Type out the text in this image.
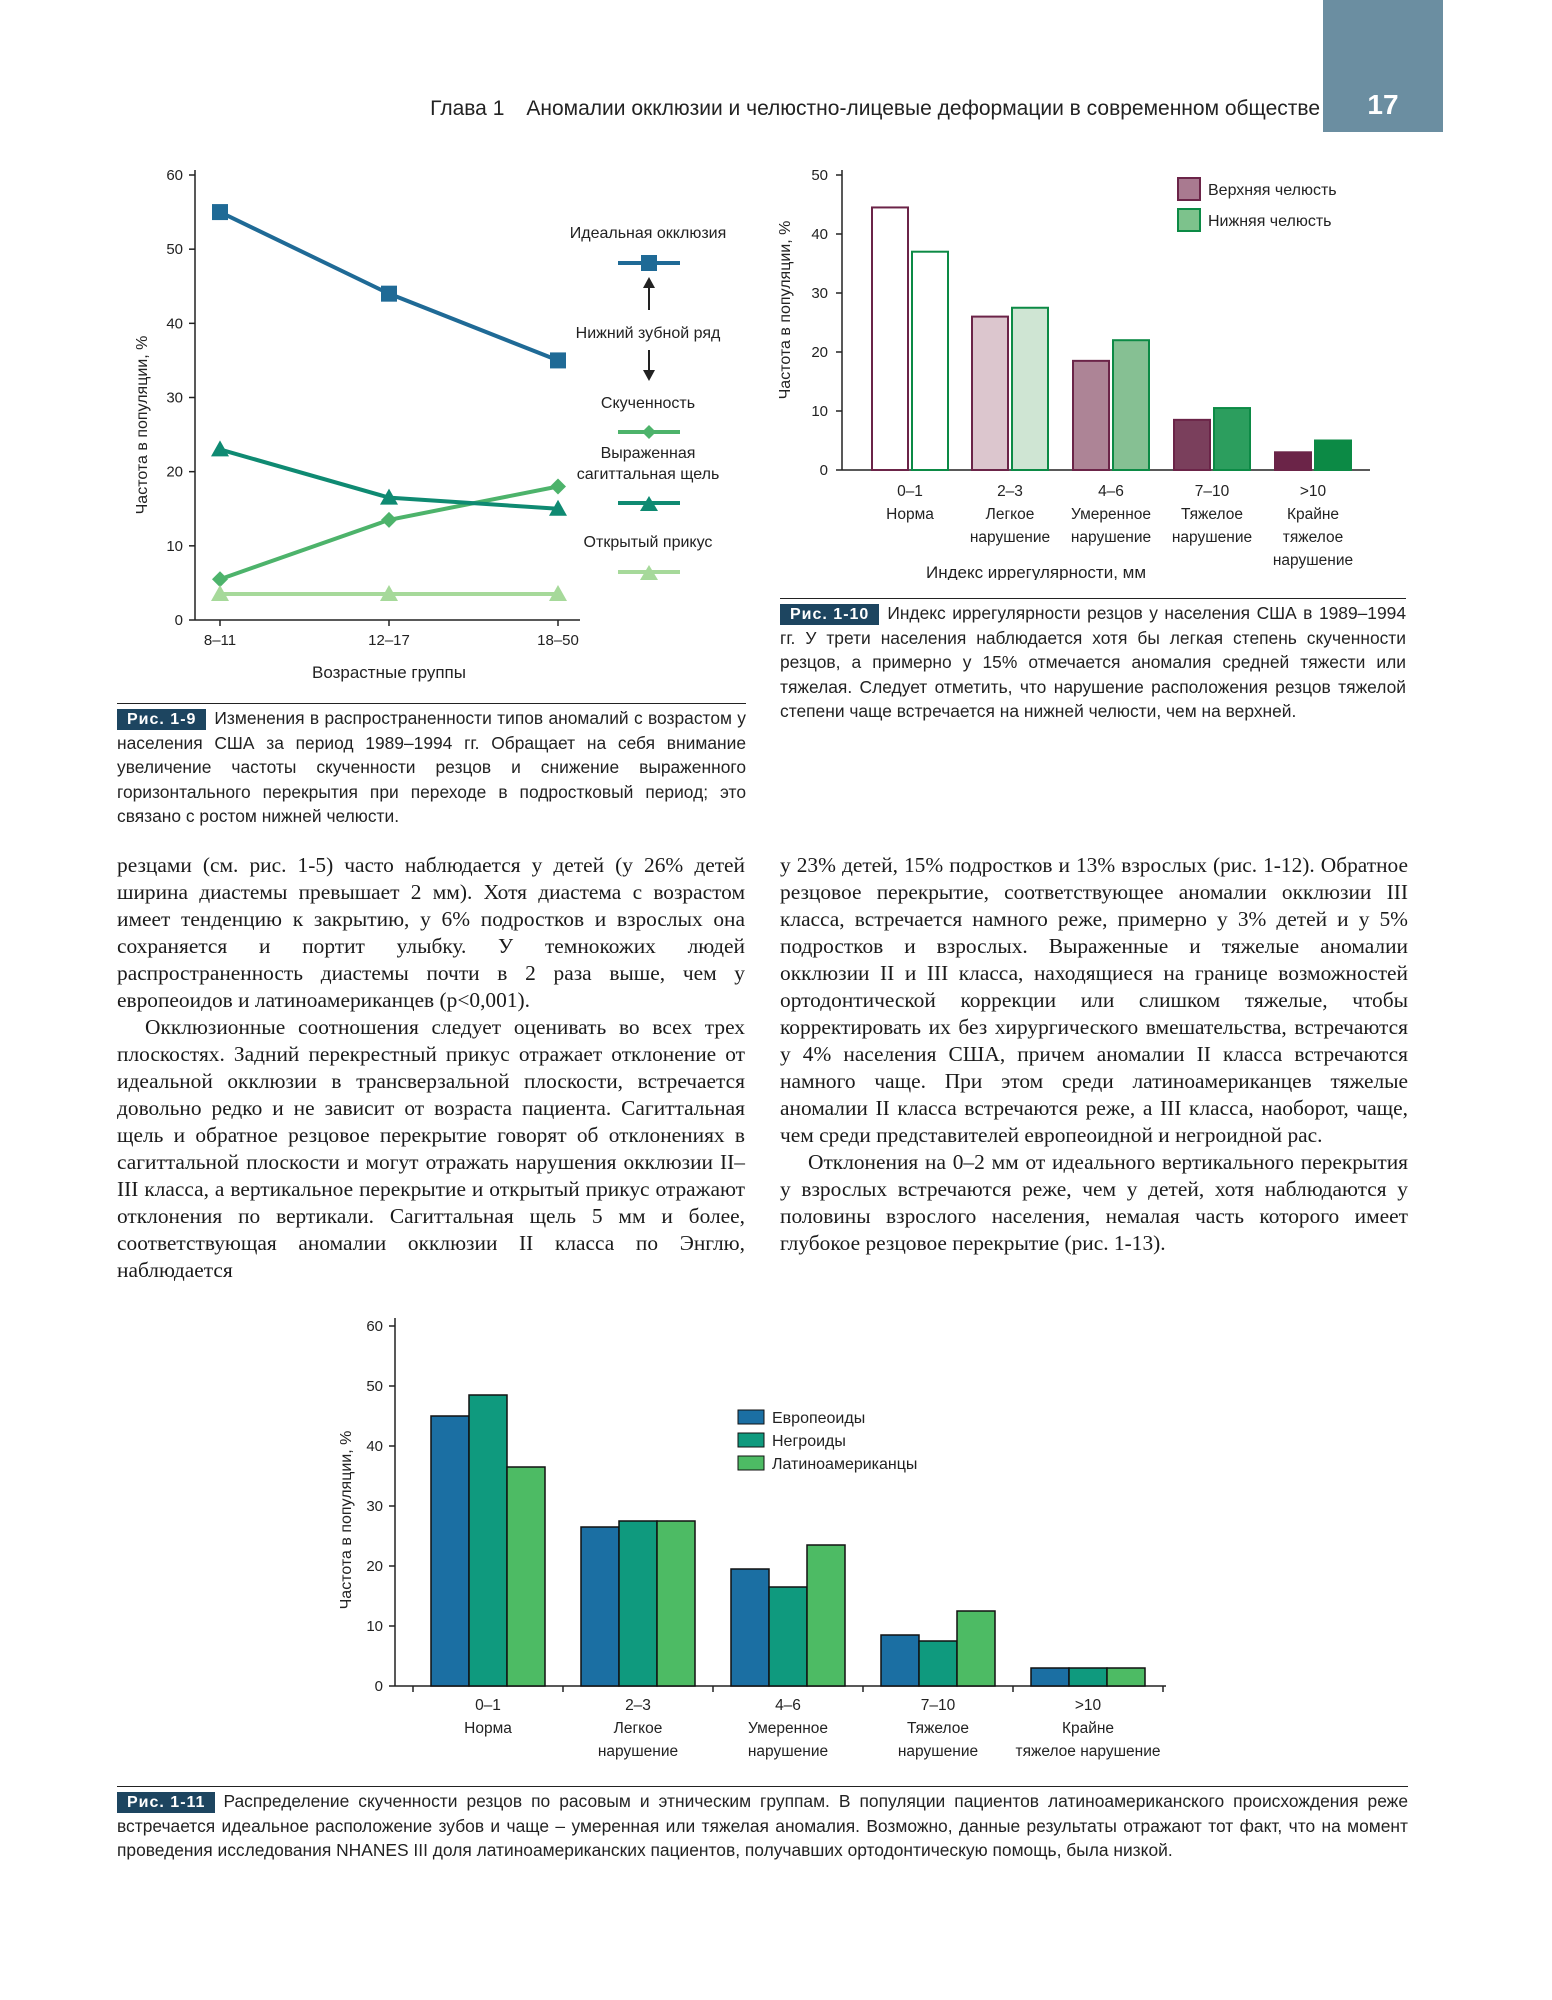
17
Глава 1 Аномалии окклюзии и челюстно-лицевые деформации в современном обществе
Частота в популяции, %
Возрастные группы
0
10
20
30
40
50
60
8–11	12–17	18–50
Идеальная окклюзия
Нижний зубной ряд
Скученность
Выраженная
сагиттальная щель
Открытый прикус
Рис. 1-9 Изменения в распространенности типов аномалий с возрастом у населения США за период 1989–1994 гг. Обращает на себя внимание увеличение частоты скученности резцов и снижение выраженного горизонтального перекрытия при переходе в подростковый период; это связано с ростом нижней челюсти.
Частота в популяции, %
Индекс иррегулярности, мм
0
10
20
30
40
50
0–1
Норма
2–3
Легкое
нарушение
4–6
Умеренное
нарушение
7–10
Тяжелое
нарушение
>10
Крайне
тяжелое
нарушение
Верхняя челюсть
Нижняя челюсть
Рис. 1-10 Индекс иррегулярности резцов у населения США в 1989–1994 гг. У трети населения наблюдается хотя бы легкая степень скученности резцов, а примерно у 15% отмечается аномалия средней тяжести или тяжелая. Следует отметить, что нарушение расположения резцов тяжелой степени чаще встречается на нижней челюсти, чем на верхней.

резцами (см. рис. 1-5) часто наблюдается у детей (у 26% детей ширина диастемы превышает 2 мм). Хотя диастема с возрастом имеет тенденцию к закрытию, у 6% подростков и взрослых она сохраняется и портит улыбку. У темнокожих людей распространенность диастемы почти в 2 раза выше, чем у европеоидов и латиноамериканцев (p<0,001).

Окклюзионные соотношения следует оценивать во всех трех плоскостях. Задний перекрестный прикус отражает отклонение от идеальной окклюзии в трансверзальной плоскости, встречается довольно редко и не зависит от возраста пациента. Сагиттальная щель и обратное резцовое перекрытие говорят об отклонениях в сагиттальной плоскости и могут отражать нарушения окклюзии II–III класса, а вертикальное перекрытие и открытый прикус отражают отклонения по вертикали. Сагиттальная щель 5 мм и более, соответствующая аномалии окклюзии II класса по Энглю, наблюдается

у 23% детей, 15% подростков и 13% взрослых (рис. 1-12). Обратное резцовое перекрытие, соответствующее аномалии окклюзии III класса, встречается намного реже, примерно у 3% детей и у 5% подростков и взрослых. Выраженные и тяжелые аномалии окклюзии II и III класса, находящиеся на границе возможностей ортодонтической коррекции или слишком тяжелые, чтобы корректировать их без хирургического вмешательства, встречаются у 4% населения США, причем аномалии II класса встречаются намного чаще. При этом среди латиноамериканцев тяжелые аномалии II класса встречаются реже, а III класса, наоборот, чаще, чем среди представителей европеоидной и негроидной рас.

Отклонения на 0–2 мм от идеального вертикального перекрытия у взрослых встречаются реже, чем у детей, хотя наблюдаются у половины взрослого населения, немалая часть которого имеет глубокое резцовое перекрытие (рис. 1-13).

Частота в популяции, %
0
10
20
30
40
50
60
0–1
Норма
2–3
Легкое
нарушение
4–6
Умеренное
нарушение
7–10
Тяжелое
нарушение
>10
Крайне
тяжелое нарушение
Европеоиды
Негроиды
Латиноамериканцы
Рис. 1-11 Распределение скученности резцов по расовым и этническим группам. В популяции пациентов латиноамериканского происхождения реже встречается идеальное расположение зубов и чаще – умеренная или тяжелая аномалия. Возможно, данные результаты отражают тот факт, что на момент проведения исследования NHANES III доля латиноамериканских пациентов, получавших ортодонтическую помощь, была низкой.
